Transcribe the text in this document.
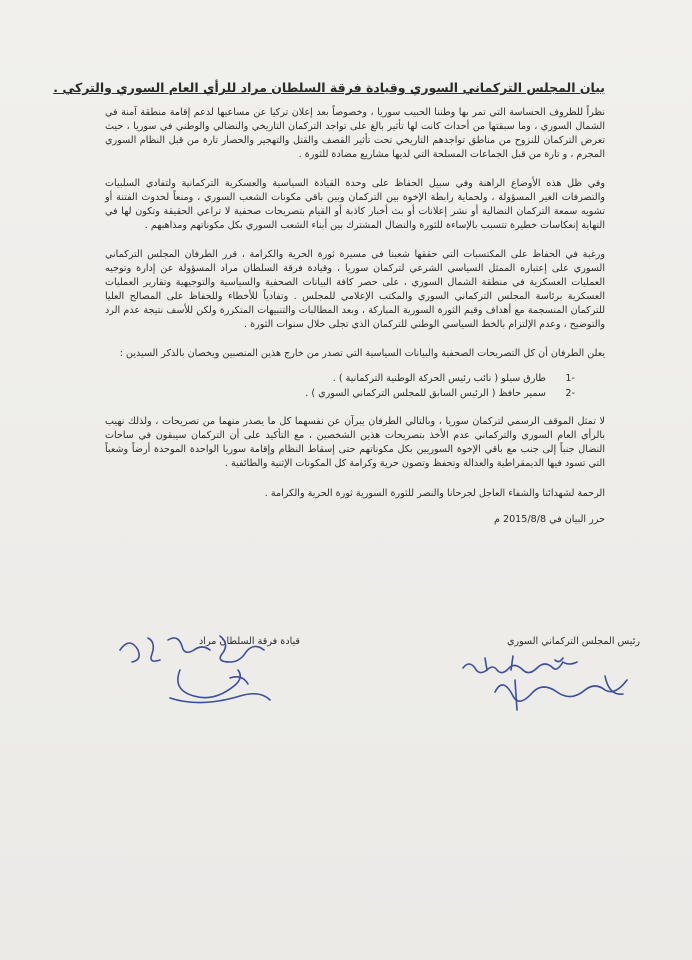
بيان المجلس التركماني السوري وقيادة فرقة السلطان مراد للرأي العام السوري والتركي .

نظراً للظروف الحساسة التي تمر بها وطننا الحبيب سوريا ، وخصوصاً بعد إعلان تركيا عن مساعيها لدعم إقامة منطقة آمنة في الشمال السوري ، وما سبقتها من أحداث كانت لها تأثير بالغ على تواجد التركمان التاريخي والنضالي والوطني في سوريا ، حيث تعرض التركمان للنزوح من مناطق تواجدهم التاريخي تحت تأثير القصف والقتل والتهجير والحصار تارة من قبل النظام السوري المجرم ، و تارة من قبل الجماعات المسلحة التي لديها مشاريع مضادة للثورة .

وفي ظل هذه الأوضاع الراهنة وفي سبيل الحفاظ على وحدة القيادة السياسية والعسكرية التركمانية ولتفادي السلبيات والتصرفات الغير المسؤولة ، ولحماية رابطة الإخوة بين التركمان وبين باقي مكونات الشعب السوري ، ومنعاً لحدوث الفتنة أو تشويه سمعة التركمان النضالية أو نشر إعلانات أو بث أخبار كاذبة أو القيام بتصريحات صحفية لا تراعي الحقيقة وتكون لها في النهاية إنعكاسات خطيرة تتسبب بالإساءة للثورة والنضال المشترك بين أبناء الشعب السوري بكل مكوناتهم ومذاهبهم .

ورغبة في الحفاظ على المكتسبات التي حققها شعبنا في مسيرة ثورة الحرية والكرامة ، قرر الطرفان المجلس التركماني السوري على إعتباره الممثل السياسي الشرعي لتركمان سوريا ، وقيادة فرقة السلطان مراد المسؤولة عن إدارة وتوجيه العمليات العسكرية في منطقة الشمال السوري ، على حصر كافة البيانات الصحفية والسياسية والتوجيهية وتقارير العمليات العسكرية برئاسة المجلس التركماني السوري والمكتب الإعلامي للمجلس . وتفادياً للأخطاء وللحفاظ على المصالح العليا للتركمان المنسجمة مع أهداف وقيم الثورة السورية المباركة ، وبعد المطالبات والتنبيهات المتكررة ولكن للأسف نتيجة عدم الرد والتوضيح ، وعدم الإلتزام بالخط السياسي الوطني للتركمان الذي تجلى خلال سنوات الثورة .

يعلن الطرفان أن كل التصريحات الصحفية والبيانات السياسية التي تصدر من خارج هذين المنصبين ويخصان بالذكر السيدين :

-1 طارق سيلو ( نائب رئيس الحركة الوطنية التركمانية ) .
-2 سمير حافظ ( الرئيس السابق للمجلس التركماني السوري ) .

لا تمثل الموقف الرسمي لتركمان سوريا ، وبالتالي الطرفان يبرآن عن نفسهما كل ما يصدر منهما من تصريحات ، ولذلك نهيب بالرأي العام السوري والتركماني عدم الأخذ بتصريحات هذين الشخصين ، مع التأكيد على أن التركمان سيبقون في ساحات النضال جنباً إلى جنب مع باقي الإخوة السوريين بكل مكوناتهم حتى إسقاط النظام وإقامة سوريا الواحدة الموحدة أرضاً وشعباً التي تسود فيها الديمقراطية والعدالة وتحفظ وتصون حرية وكرامة كل المكونات الإثنية والطائفية .

الرحمة لشهدائنا والشفاء العاجل لجرحانا والنصر للثورة السورية ثورة الحرية والكرامة .

حرر البيان في 2015/8/8 م

رئيس المجلس التركماني السوري
قيادة فرقة السلطان مراد
